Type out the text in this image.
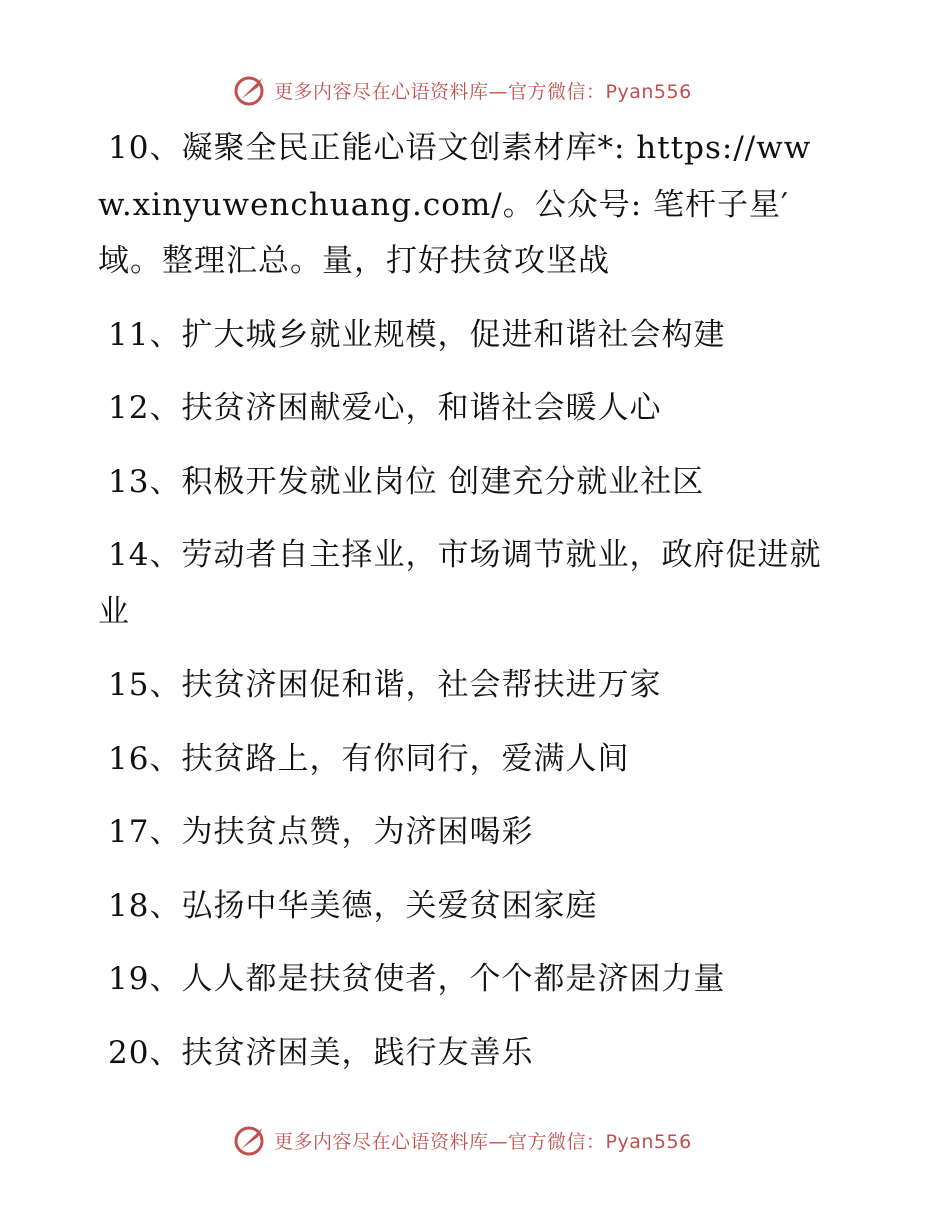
更多内容尽在心语资料库—官方微信：Pyan556

10、凝聚全民正能心语文创素材库*: https://www.xinyuwenchuang.com/。公众号: 笔杆子星′域。整理汇总。量，打好扶贫攻坚战

11、扩大城乡就业规模，促进和谐社会构建

12、扶贫济困献爱心，和谐社会暖人心

13、积极开发就业岗位 创建充分就业社区

14、劳动者自主择业，市场调节就业，政府促进就业

15、扶贫济困促和谐，社会帮扶进万家

16、扶贫路上，有你同行，爱满人间

17、为扶贫点赞，为济困喝彩

18、弘扬中华美德，关爱贫困家庭

19、人人都是扶贫使者，个个都是济困力量

20、扶贫济困美，践行友善乐

更多内容尽在心语资料库—官方微信：Pyan556
